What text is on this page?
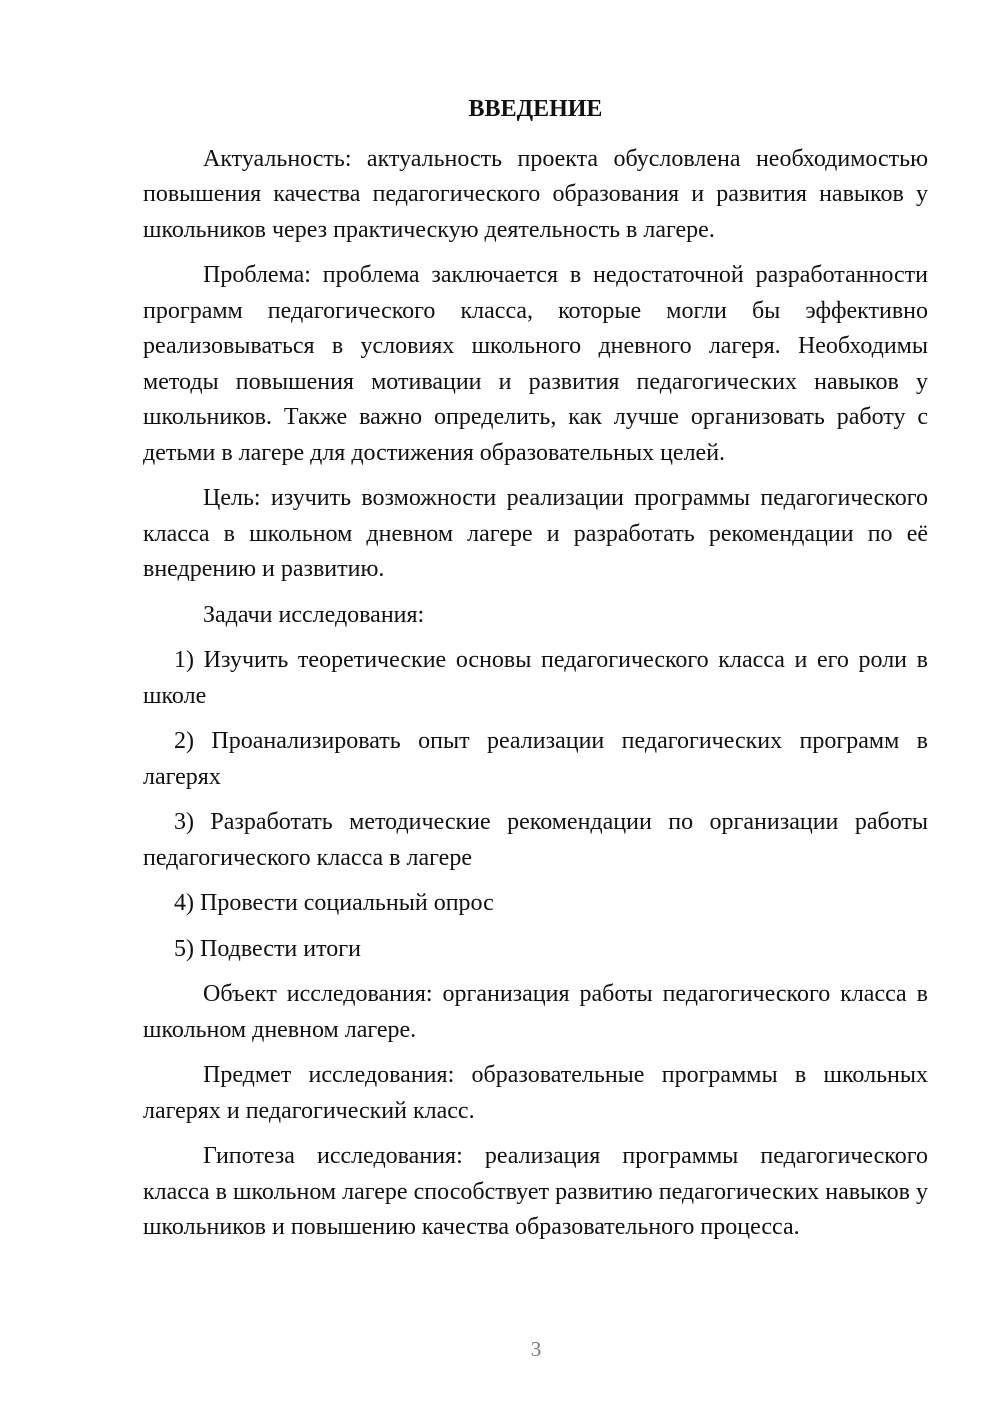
ВВЕДЕНИЕ

Актуальность: актуальность проекта обусловлена необходимостью повышения качества педагогического образования и развития навыков у школьников через практическую деятельность в лагере.

Проблема: проблема заключается в недостаточной разработанности программ педагогического класса, которые могли бы эффективно реализовываться в условиях школьного дневного лагеря. Необходимы методы повышения мотивации и развития педагогических навыков у школьников. Также важно определить, как лучше организовать работу с детьми в лагере для достижения образовательных целей.

Цель: изучить возможности реализации программы педагогического класса в школьном дневном лагере и разработать рекомендации по её внедрению и развитию.

Задачи исследования:

1) Изучить теоретические основы педагогического класса и его роли в школе

2) Проанализировать опыт реализации педагогических программ в лагерях

3) Разработать методические рекомендации по организации работы педагогического класса в лагере

4) Провести социальный опрос

5) Подвести итоги

Объект исследования: организация работы педагогического класса в школьном дневном лагере.

Предмет исследования: образовательные программы в школьных лагерях и педагогический класс.

Гипотеза исследования: реализация программы педагогического класса в школьном лагере способствует развитию педагогических навыков у школьников и повышению качества образовательного процесса.

3
